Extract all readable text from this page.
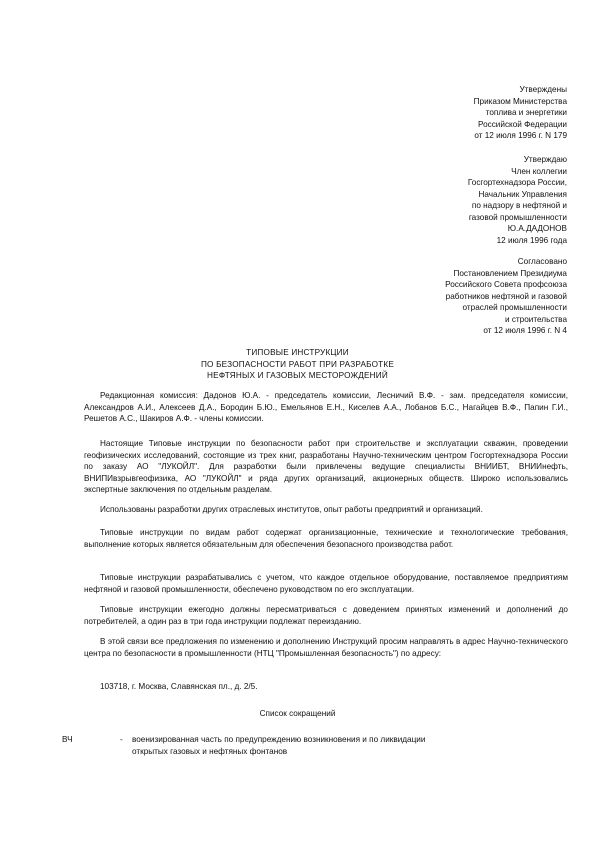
Утверждены
Приказом Министерства
топлива и энергетики
Российской Федерации
от 12 июля 1996 г. N 179
Утверждаю
Член коллегии
Госгортехнадзора России,
Начальник Управления
по надзору в нефтяной и
газовой промышленности
Ю.А.ДАДОНОВ
12 июля 1996 года
Согласовано
Постановлением Президиума
Российского Совета профсоюза
работников нефтяной и газовой
отраслей промышленности
и строительства
от 12 июля 1996 г. N 4
ТИПОВЫЕ ИНСТРУКЦИИ
ПО БЕЗОПАСНОСТИ РАБОТ ПРИ РАЗРАБОТКЕ
НЕФТЯНЫХ И ГАЗОВЫХ МЕСТОРОЖДЕНИЙ

Редакционная комиссия: Дадонов Ю.А. - председатель комиссии, Лесничий В.Ф. - зам. председателя комиссии, Александров А.И., Алексеев Д.А., Бородин Б.Ю., Емельянов Е.Н., Киселев А.А., Лобанов Б.С., Нагайцев В.Ф., Папин Г.И., Решетов А.С., Шакиров А.Ф. - члены комиссии.

Настоящие Типовые инструкции по безопасности работ при строительстве и эксплуатации скважин, проведении геофизических исследований, состоящие из трех книг, разработаны Научно-техническим центром Госгортехнадзора России по заказу АО "ЛУКОЙЛ". Для разработки были привлечены ведущие специалисты ВНИИБТ, ВНИИнефть, ВНИПИвзрывгеофизика, АО "ЛУКОЙЛ" и ряда других организаций, акционерных обществ. Широко использовались экспертные заключения по отдельным разделам.

Использованы разработки других отраслевых институтов, опыт работы предприятий и организаций.

Типовые инструкции по видам работ содержат организационные, технические и технологические требования, выполнение которых является обязательным для обеспечения безопасного производства работ.

Типовые инструкции разрабатывались с учетом, что каждое отдельное оборудование, поставляемое предприятиям нефтяной и газовой промышленности, обеспечено руководством по его эксплуатации.

Типовые инструкции ежегодно должны пересматриваться с доведением принятых изменений и дополнений до потребителей, а один раз в три года инструкции подлежат переизданию.

В этой связи все предложения по изменению и дополнению Инструкций просим направлять в адрес Научно-технического центра по безопасности в промышленности (НТЦ "Промышленная безопасность") по адресу:

103718, г. Москва, Славянская пл., д. 2/5.

Список сокращений
ВЧ	- военизированная часть по предупреждению возникновения и по ликвидации
открытых газовых и нефтяных фонтанов
